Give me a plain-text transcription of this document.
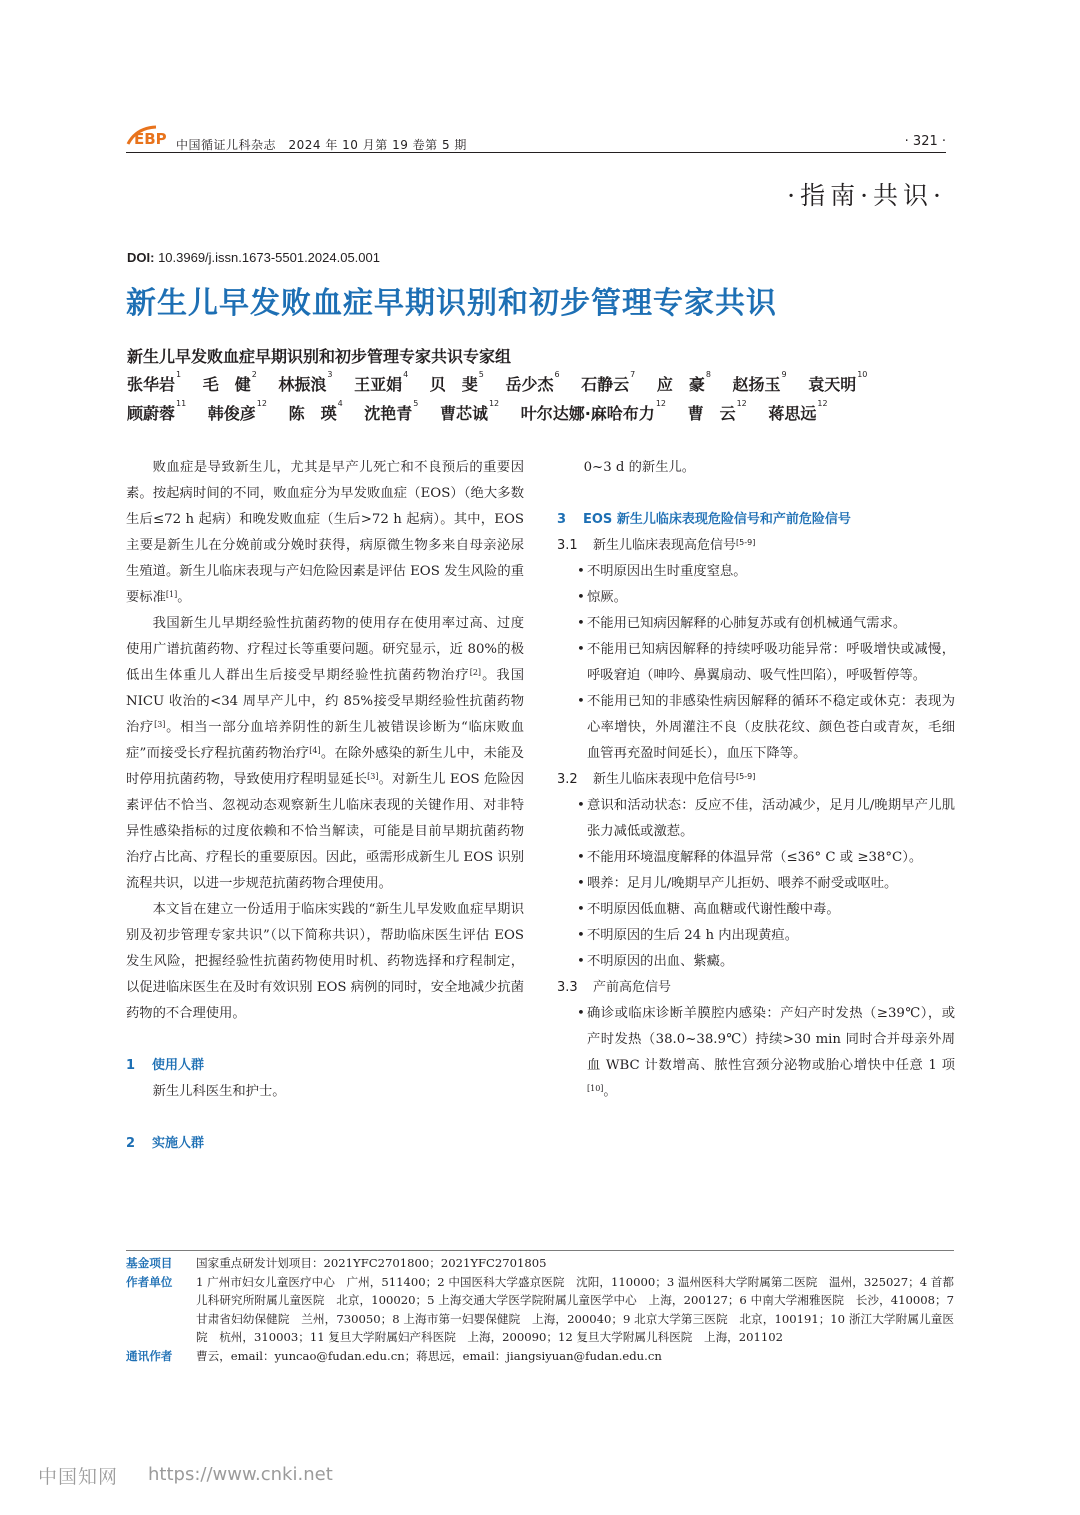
EBP 中国循证儿科杂志　2024 年 10 月第 19 卷第 5 期	· 321 ·
·指南·共识·
DOI: 10.3969/j.issn.1673-5501.2024.05.001
新生儿早发败血症早期识别和初步管理专家共识
新生儿早发败血症早期识别和初步管理专家共识专家组
张华岩$^1$ 毛　健$^2$ 林振浪$^3$ 王亚娟$^4$ 贝　斐$^5$ 岳少杰$^6$ 石静云$^7$ 应　豪$^8$ 赵扬玉$^9$ 袁天明$^{10}$
顾蔚蓉$^{11}$ 韩俊彦$^{12}$ 陈　瑛$^4$ 沈艳青$^5$ 曹芯诚$^{12}$ 叶尔达娜·麻哈布力$^{12}$ 曹　云$^{12}$ 蒋思远$^{12}$

败血症是导致新生儿，尤其是早产儿死亡和不良预后的重要因素。按起病时间的不同，败血症分为早发败血症（EOS）（绝大多数生后≤72 h 起病）和晚发败血症（生后>72 h 起病）。其中，EOS 主要是新生儿在分娩前或分娩时获得，病原微生物多来自母亲泌尿生殖道。新生儿临床表现与产妇危险因素是评估 EOS 发生风险的重要标准[1]。

我国新生儿早期经验性抗菌药物的使用存在使用率过高、过度使用广谱抗菌药物、疗程过长等重要问题。研究显示，近 80%的极低出生体重儿人群出生后接受早期经验性抗菌药物治疗[2]。我国 NICU 收治的<34 周早产儿中，约 85%接受早期经验性抗菌药物治疗[3]。相当一部分血培养阴性的新生儿被错误诊断为“临床败血症”而接受长疗程抗菌药物治疗[4]。在除外感染的新生儿中，未能及时停用抗菌药物，导致使用疗程明显延长[3]。对新生儿 EOS 危险因素评估不恰当、忽视动态观察新生儿临床表现的关键作用、对非特异性感染指标的过度依赖和不恰当解读，可能是目前早期抗菌药物治疗占比高、疗程长的重要原因。因此，亟需形成新生儿 EOS 识别流程共识，以进一步规范抗菌药物合理使用。

本文旨在建立一份适用于临床实践的“新生儿早发败血症早期识别及初步管理专家共识”（以下简称共识），帮助临床医生评估 EOS 发生风险，把握经验性抗菌药物使用时机、药物选择和疗程制定，以促进临床医生在及时有效识别 EOS 病例的同时，安全地减少抗菌药物的不合理使用。

1 使用人群

新生儿科医生和护士。

2 实施人群

0~3 d 的新生儿。

3 EOS 新生儿临床表现危险信号和产前危险信号
3.1 新生儿临床表现高危信号[5-9]
• 不明原因出生时重度窒息。
• 惊厥。
• 不能用已知病因解释的心肺复苏或有创机械通气需求。
• 不能用已知病因解释的持续呼吸功能异常：呼吸增快或减慢，呼吸窘迫（呻吟、鼻翼扇动、吸气性凹陷），呼吸暂停等。
• 不能用已知的非感染性病因解释的循环不稳定或休克：表现为心率增快，外周灌注不良（皮肤花纹、颜色苍白或青灰，毛细血管再充盈时间延长），血压下降等。
3.2 新生儿临床表现中危信号[5-9]
• 意识和活动状态：反应不佳，活动减少，足月儿/晚期早产儿肌张力减低或激惹。
• 不能用环境温度解释的体温异常（≤36° C 或 ≥38°C）。
• 喂养：足月儿/晚期早产儿拒奶、喂养不耐受或呕吐。
• 不明原因低血糖、高血糖或代谢性酸中毒。
• 不明原因的生后 24 h 内出现黄疸。
• 不明原因的出血、紫癜。
3.3 产前高危信号
• 确诊或临床诊断羊膜腔内感染：产妇产时发热（≥39℃），或产时发热（38.0~38.9℃）持续>30 min 同时合并母亲外周血 WBC 计数增高、脓性宫颈分泌物或胎心增快中任意 1 项[10]。
基金项目	国家重点研发计划项目：2021YFC2701800；2021YFC2701805
作者单位	1 广州市妇女儿童医疗中心　广州，511400；2 中国医科大学盛京医院　沈阳，110000；3 温州医科大学附属第二医院　温州，325027；4 首都儿科研究所附属儿童医院　北京，100020；5 上海交通大学医学院附属儿童医学中心　上海，200127；6 中南大学湘雅医院　长沙，410008；7 甘肃省妇幼保健院　兰州，730050；8 上海市第一妇婴保健院　上海，200040；9 北京大学第三医院　北京，100191；10 浙江大学附属儿童医院　杭州，310003；11 复旦大学附属妇产科医院　上海，200090；12 复旦大学附属儿科医院　上海，201102
通讯作者	曹云，email：yuncao@fudan.edu.cn；蒋思远，email：jiangsiyuan@fudan.edu.cn
中国知网 https://www.cnki.net
